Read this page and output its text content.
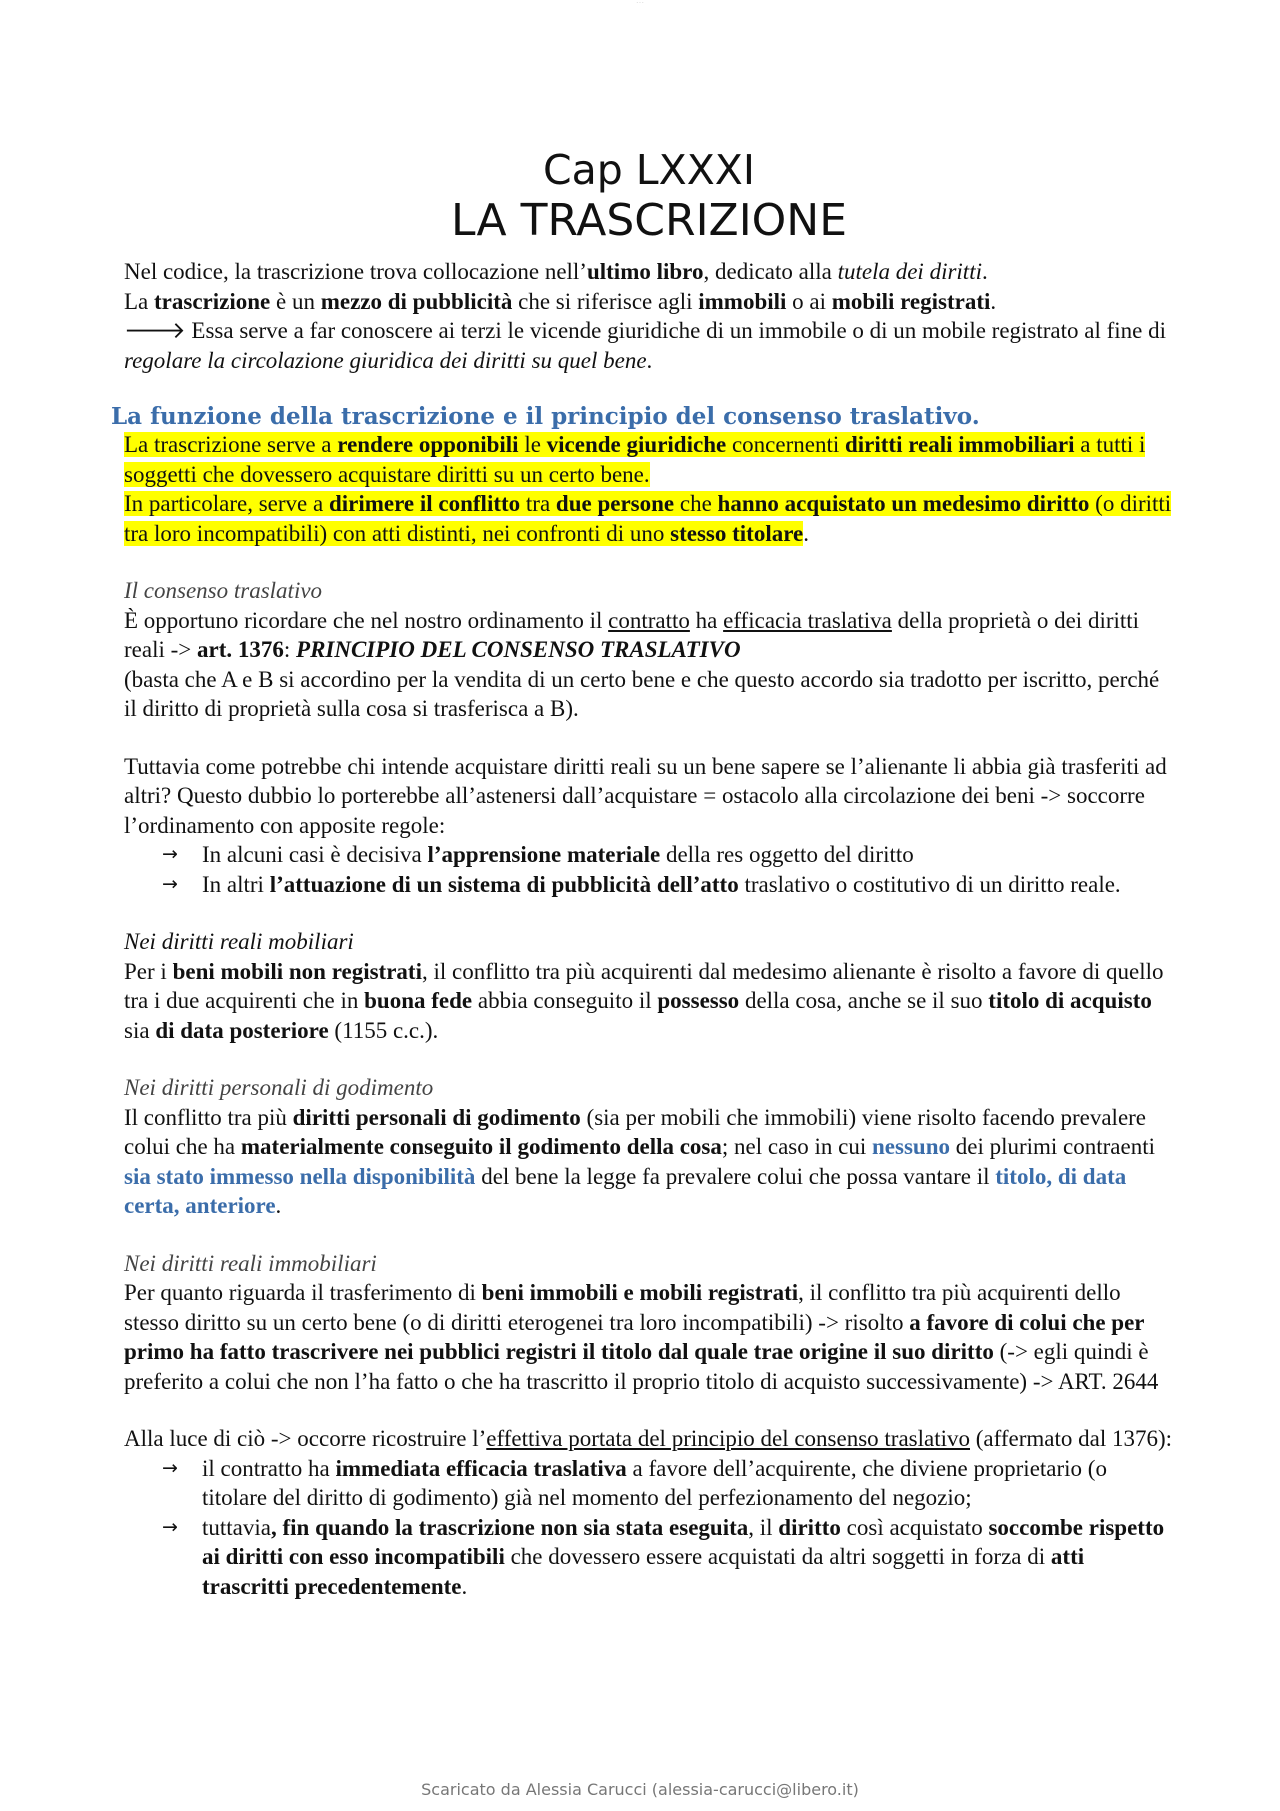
- - -
Cap LXXXI
LA TRASCRIZIONE

Nel codice, la trascrizione trova collocazione nell’ultimo libro, dedicato alla tutela dei diritti.

La trascrizione è un mezzo di pubblicità che si riferisce agli immobili o ai mobili registrati.

🡒 Essa serve a far conoscere ai terzi le vicende giuridiche di un immobile o di un mobile registrato al fine di regolare la circolazione giuridica dei diritti su quel bene.

La funzione della trascrizione e il principio del consenso traslativo.

La trascrizione serve a rendere opponibili le vicende giuridiche concernenti diritti reali immobiliari a tutti i soggetti che dovessero acquistare diritti su un certo bene.

In particolare, serve a dirimere il conflitto tra due persone che hanno acquistato un medesimo diritto (o diritti tra loro incompatibili) con atti distinti, nei confronti di uno stesso titolare.

Il consenso traslativo

È opportuno ricordare che nel nostro ordinamento il contratto ha efficacia traslativa della proprietà o dei diritti reali -> art. 1376: PRINCIPIO DEL CONSENSO TRASLATIVO

(basta che A e B si accordino per la vendita di un certo bene e che questo accordo sia tradotto per iscritto, perché il diritto di proprietà sulla cosa si trasferisca a B).

Tuttavia come potrebbe chi intende acquistare diritti reali su un bene sapere se l’alienante li abbia già trasferiti ad altri? Questo dubbio lo porterebbe all’astenersi dall’acquistare = ostacolo alla circolazione dei beni -> soccorre l’ordinamento con apposite regole:

→ In alcuni casi è decisiva l’apprensione materiale della res oggetto del diritto
→ In altri l’attuazione di un sistema di pubblicità dell’atto traslativo o costitutivo di un diritto reale.

Nei diritti reali mobiliari

Per i beni mobili non registrati, il conflitto tra più acquirenti dal medesimo alienante è risolto a favore di quello tra i due acquirenti che in buona fede abbia conseguito il possesso della cosa, anche se il suo titolo di acquisto sia di data posteriore (1155 c.c.).

Nei diritti personali di godimento

Il conflitto tra più diritti personali di godimento (sia per mobili che immobili) viene risolto facendo prevalere colui che ha materialmente conseguito il godimento della cosa; nel caso in cui nessuno dei plurimi contraenti sia stato immesso nella disponibilità del bene la legge fa prevalere colui che possa vantare il titolo, di data certa, anteriore.

Nei diritti reali immobiliari

Per quanto riguarda il trasferimento di beni immobili e mobili registrati, il conflitto tra più acquirenti dello stesso diritto su un certo bene (o di diritti eterogenei tra loro incompatibili) -> risolto a favore di colui che per primo ha fatto trascrivere nei pubblici registri il titolo dal quale trae origine il suo diritto (-> egli quindi è preferito a colui che non l’ha fatto o che ha trascritto il proprio titolo di acquisto successivamente) -> ART. 2644

Alla luce di ciò -> occorre ricostruire l’effettiva portata del principio del consenso traslativo (affermato dal 1376):

→ il contratto ha immediata efficacia traslativa a favore dell’acquirente, che diviene proprietario (o titolare del diritto di godimento) già nel momento del perfezionamento del negozio;
→ tuttavia, fin quando la trascrizione non sia stata eseguita, il diritto così acquistato soccombe rispetto ai diritti con esso incompatibili che dovessero essere acquistati da altri soggetti in forza di atti trascritti precedentemente.
Scaricato da Alessia Carucci (alessia-carucci@libero.it)
